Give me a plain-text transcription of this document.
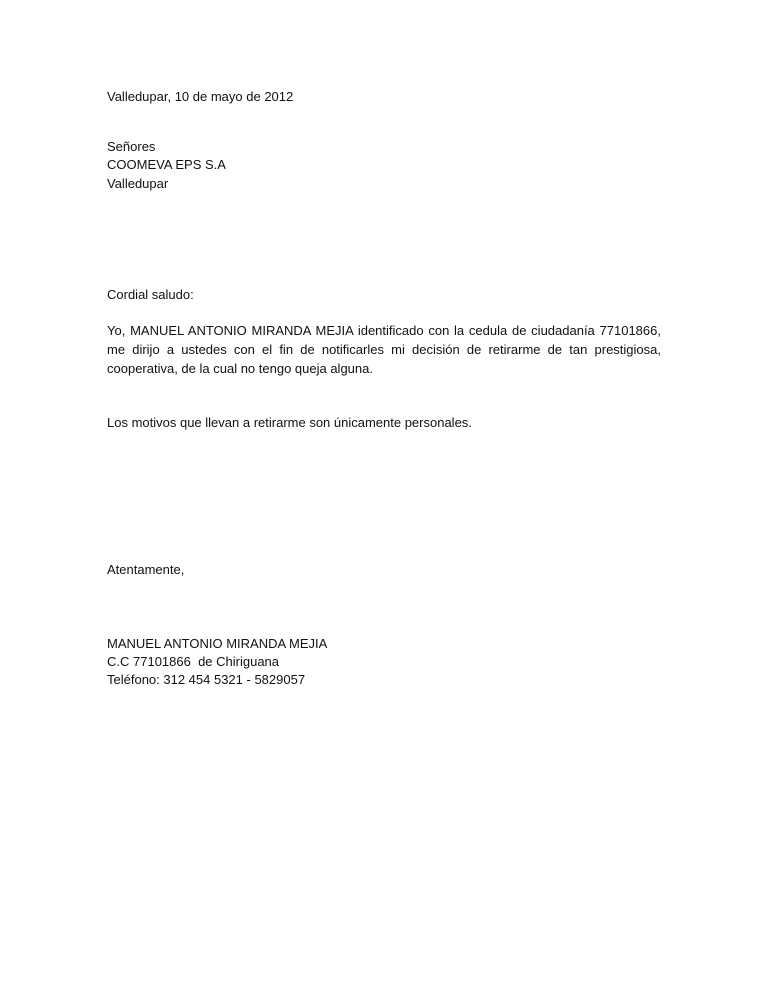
Valledupar, 10 de mayo de 2012
Señores
COOMEVA EPS S.A
Valledupar
Cordial saludo:
Yo, MANUEL ANTONIO MIRANDA MEJIA identificado con la cedula de ciudadanía 77101866, me dirijo a ustedes con el fin de notificarles mi decisión de retirarme de tan prestigiosa, cooperativa, de la cual no tengo queja alguna.
Los motivos que llevan a retirarme son únicamente personales.
Atentamente,
MANUEL ANTONIO MIRANDA MEJIA
C.C 77101866  de Chiriguana
Teléfono: 312 454 5321 - 5829057
